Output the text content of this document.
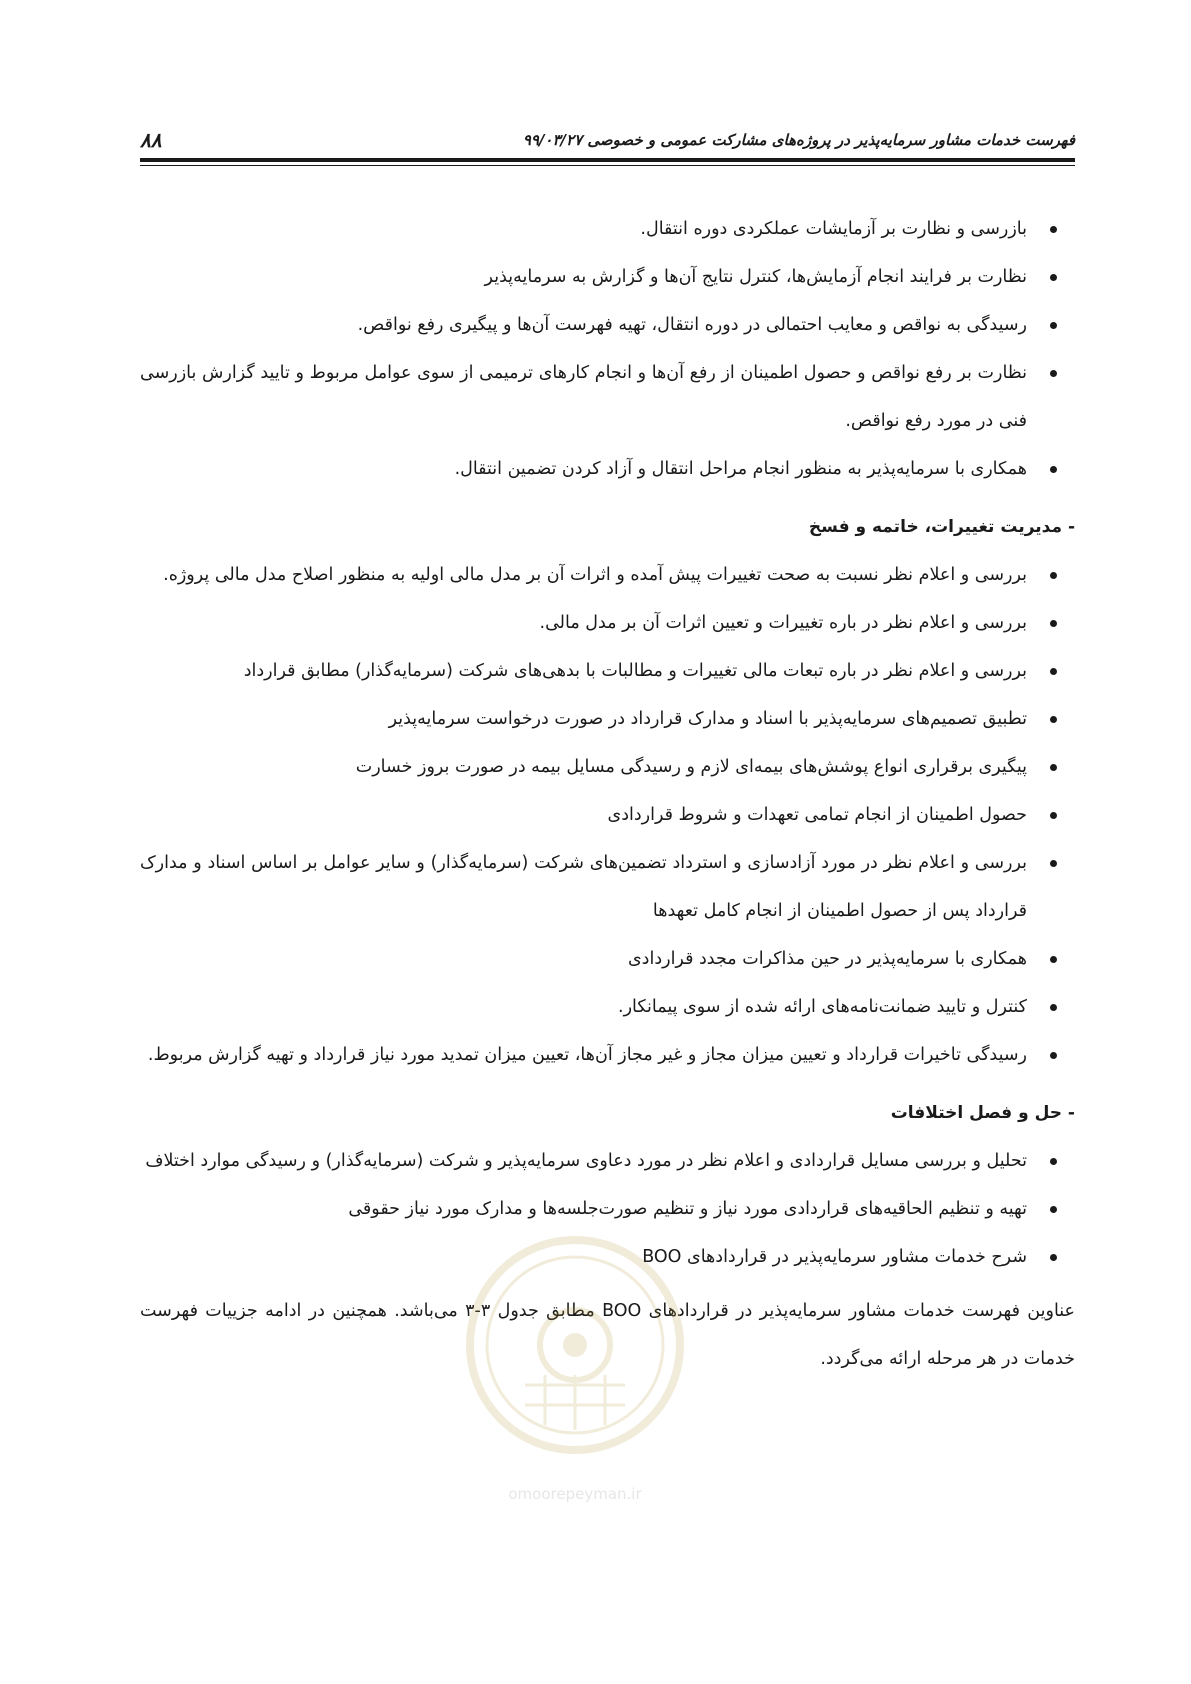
۸۸	فهرست خدمات مشاور سرمایه‌پذیر در پروژه‌های مشارکت عمومی و خصوصی ۹۹/۰۳/۲۷
بازرسی و نظارت بر آزمایشات عملکردی دوره انتقال.
نظارت بر فرایند انجام آزمایش‌ها، کنترل نتایج آن‌ها و گزارش به سرمایه‌پذیر
رسیدگی به نواقص و معایب احتمالی در دوره انتقال، تهیه فهرست آن‌ها و پیگیری رفع نواقص.
نظارت بر رفع نواقص و حصول اطمینان از رفع آن‌ها و انجام کارهای ترمیمی از سوی عوامل مربوط و تایید گزارش بازرسی فنی در مورد رفع نواقص.
همکاری با سرمایه‌پذیر به منظور انجام مراحل انتقال و آزاد کردن تضمین انتقال.
- مدیریت تغییرات، خاتمه و فسخ
بررسی و اعلام نظر نسبت به صحت تغییرات پیش آمده و اثرات آن بر مدل مالی اولیه به منظور اصلاح مدل مالی پروژه.
بررسی و اعلام نظر در باره تغییرات و تعیین اثرات آن بر مدل مالی.
بررسی و اعلام نظر در باره تبعات مالی تغییرات و مطالبات با بدهی‌های شرکت (سرمایه‌گذار) مطابق قرارداد
تطبیق تصمیم‌های سرمایه‌پذیر با اسناد و مدارک قرارداد در صورت درخواست سرمایه‌پذیر
پیگیری برقراری انواع پوشش‌های بیمه‌ای لازم و رسیدگی مسایل بیمه در صورت بروز خسارت
حصول اطمینان از انجام تمامی تعهدات و شروط قراردادی
بررسی و اعلام نظر در مورد آزادسازی و استرداد تضمین‌های شرکت (سرمایه‌گذار) و سایر عوامل بر اساس اسناد و مدارک قرارداد پس از حصول اطمینان از انجام کامل تعهدها
همکاری با سرمایه‌پذیر در حین مذاکرات مجدد قراردادی
کنترل و تایید ضمانت‌نامه‌های ارائه شده از سوی پیمانکار.
رسیدگی تاخیرات قرارداد و تعیین میزان مجاز و غیر مجاز آن‌ها، تعیین میزان تمدید مورد نیاز قرارداد و تهیه گزارش مربوط.
- حل و فصل اختلافات
تحلیل و بررسی مسایل قراردادی و اعلام نظر در مورد دعاوی سرمایه‌پذیر و شرکت (سرمایه‌گذار) و رسیدگی موارد اختلاف
تهیه و تنظیم الحاقیه‌های قراردادی مورد نیاز و تنظیم صورت‌جلسه‌ها و مدارک مورد نیاز حقوقی
شرح خدمات مشاور سرمایه‌پذیر در قراردادهای BOO
عناوین فهرست خدمات مشاور سرمایه‌پذیر در قراردادهای BOO مطابق جدول ۳-۳ می‌باشد. همچنین در ادامه جزییات فهرست خدمات در هر مرحله ارائه می‌گردد.
omoorepeyman.ir
